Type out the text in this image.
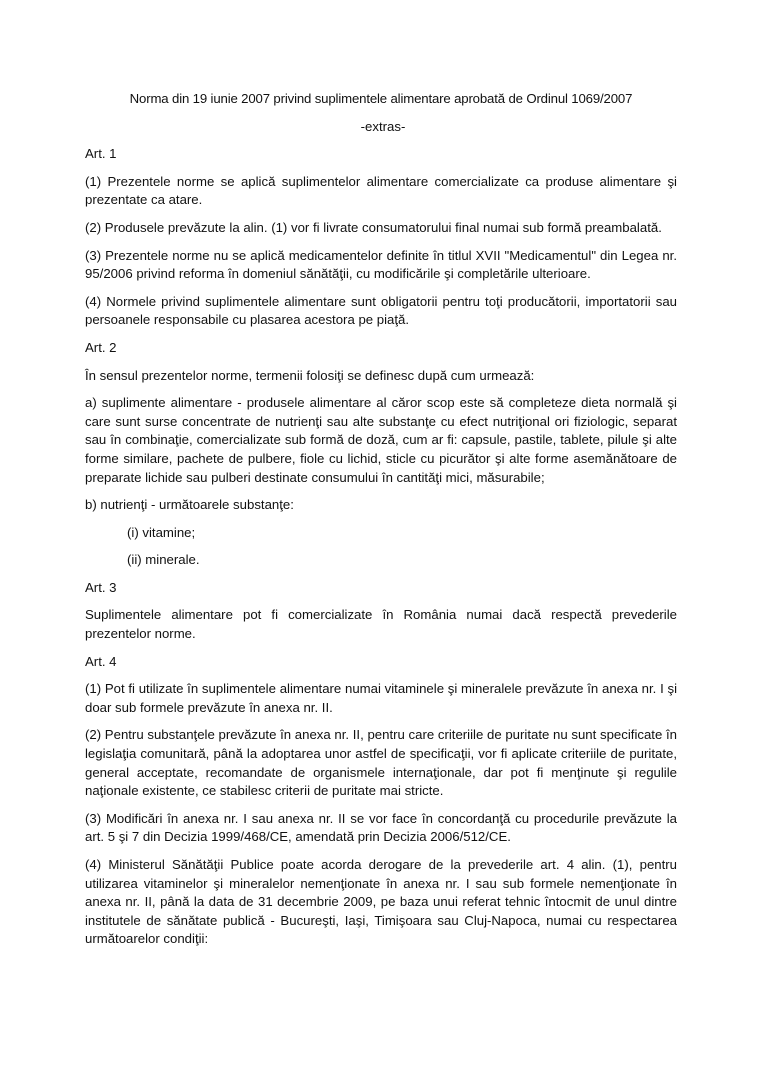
Norma din 19 iunie 2007 privind suplimentele alimentare aprobată de Ordinul 1069/2007
-extras-
Art. 1
(1) Prezentele norme se aplică suplimentelor alimentare comercializate ca produse alimentare şi prezentate ca atare.
(2) Produsele prevăzute la alin. (1) vor fi livrate consumatorului final numai sub formă preambalată.
(3) Prezentele norme nu se aplică medicamentelor definite în titlul XVII "Medicamentul" din Legea nr. 95/2006 privind reforma în domeniul sănătăţii, cu modificările şi completările ulterioare.
(4) Normele privind suplimentele alimentare sunt obligatorii pentru toţi producătorii, importatorii sau persoanele responsabile cu plasarea acestora pe piaţă.
Art. 2
În sensul prezentelor norme, termenii folosiţi se definesc după cum urmează:
a) suplimente alimentare - produsele alimentare al căror scop este să completeze dieta normală şi care sunt surse concentrate de nutrienţi sau alte substanţe cu efect nutriţional ori fiziologic, separat sau în combinaţie, comercializate sub formă de doză, cum ar fi: capsule, pastile, tablete, pilule şi alte forme similare, pachete de pulbere, fiole cu lichid, sticle cu picurător şi alte forme asemănătoare de preparate lichide sau pulberi destinate consumului în cantităţi mici, măsurabile;
b) nutrienţi - următoarele substanţe:
(i) vitamine;
(ii) minerale.
Art. 3
Suplimentele alimentare pot fi comercializate în România numai dacă respectă prevederile prezentelor norme.
Art. 4
(1) Pot fi utilizate în suplimentele alimentare numai vitaminele şi mineralele prevăzute în anexa nr. I şi doar sub formele prevăzute în anexa nr. II.
(2) Pentru substanţele prevăzute în anexa nr. II, pentru care criteriile de puritate nu sunt specificate în legislaţia comunitară, până la adoptarea unor astfel de specificaţii, vor fi aplicate criteriile de puritate, general acceptate, recomandate de organismele internaţionale, dar pot fi menţinute şi regulile naţionale existente, ce stabilesc criterii de puritate mai stricte.
(3) Modificări în anexa nr. I sau anexa nr. II se vor face în concordanţă cu procedurile prevăzute la art. 5 şi 7 din Decizia 1999/468/CE, amendată prin Decizia 2006/512/CE.
(4) Ministerul Sănătăţii Publice poate acorda derogare de la prevederile art. 4 alin. (1), pentru utilizarea vitaminelor şi mineralelor nemenţionate în anexa nr. I sau sub formele nemenţionate în anexa nr. II, până la data de 31 decembrie 2009, pe baza unui referat tehnic întocmit de unul dintre institutele de sănătate publică - Bucureşti, Iaşi, Timişoara sau Cluj-Napoca, numai cu respectarea următoarelor condiţii:
